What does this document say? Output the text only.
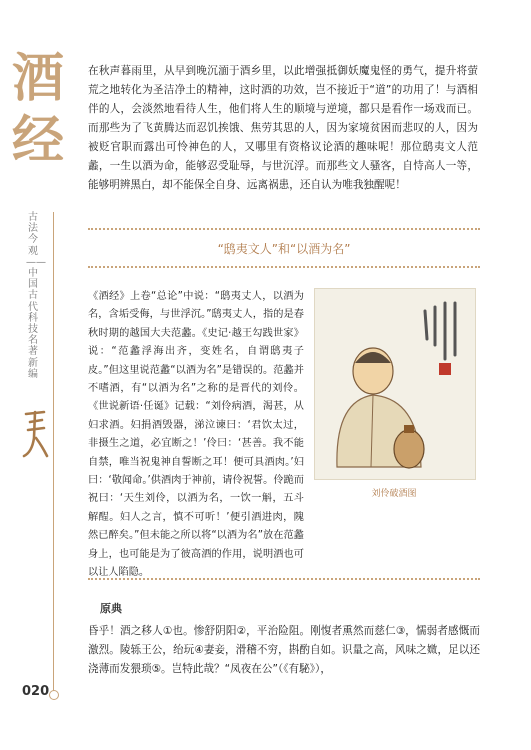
酒经
古法今观——中国古代科技名著新编
020

在秋声暮雨里，从早到晚沉湎于酒乡里，以此增强抵御妖魔鬼怪的勇气，提升将萤荒之地转化为圣洁净土的精神，这时酒的功效，岂不接近于“道”的功用了！与酒相伴的人，会淡然地看待人生，他们将人生的顺境与逆境，都只是看作一场戏而已。而那些为了飞黄腾达而忍饥挨饿、焦劳其思的人，因为家境贫困而悲叹的人，因为被贬官职而露出可怜神色的人，又哪里有资格议论酒的趣味呢！那位鸱夷文人范蠡，一生以酒为命，能够忍受耻辱，与世沉浮。而那些文人骚客，自恃高人一等，能够明辨黑白，却不能保全自身、远离祸患，还自认为唯我独醒呢！

“鸱夷文人”和“以酒为名”

《酒经》上卷“总论”中说：“鸱夷丈人，以酒为名，含垢受侮，与世浮沉。”鸱夷丈人，指的是春秋时期的越国大夫范蠡。《史记·越王勾践世家》说：“范蠡浮海出齐，变姓名，自谓鸱夷子皮。”但这里说范蠡“以酒为名”是错误的。范蠡并不嗜酒，有“以酒为名”之称的是晋代的刘伶。《世说新语·任诞》记载：“刘伶病酒，渴甚，从妇求酒。妇捐酒毁器，涕泣谏曰：‘君饮太过，非摄生之道，必宜断之！’伶曰：‘甚善。我不能自禁，唯当祝鬼神自誓断之耳！便可具酒肉。’妇曰：‘敬闻命。’供酒肉于神前，请伶祝誓。伶跪而祝曰：‘天生刘伶，以酒为名，一饮一斛，五斗解酲。妇人之言，慎不可听！’便引酒进肉，隗然已醉矣。”但未能之所以将“以酒为名”放在范蠡身上，也可能是为了彼高酒的作用，说明酒也可以让人陷隐。

刘伶破酒图
原典

昏乎！酒之移人①也。惨舒阴阳②，平治险阻。刚愎者熏然而慈仁③，懦弱者感慨而激烈。陵轹王公，绐玩④妻妾，滑稽不穷，斟酌自如。识量之高，风味之媺，足以还浇薄而发猥琐⑤。岂特此哉？“凤夜在公”（《有駜》），
